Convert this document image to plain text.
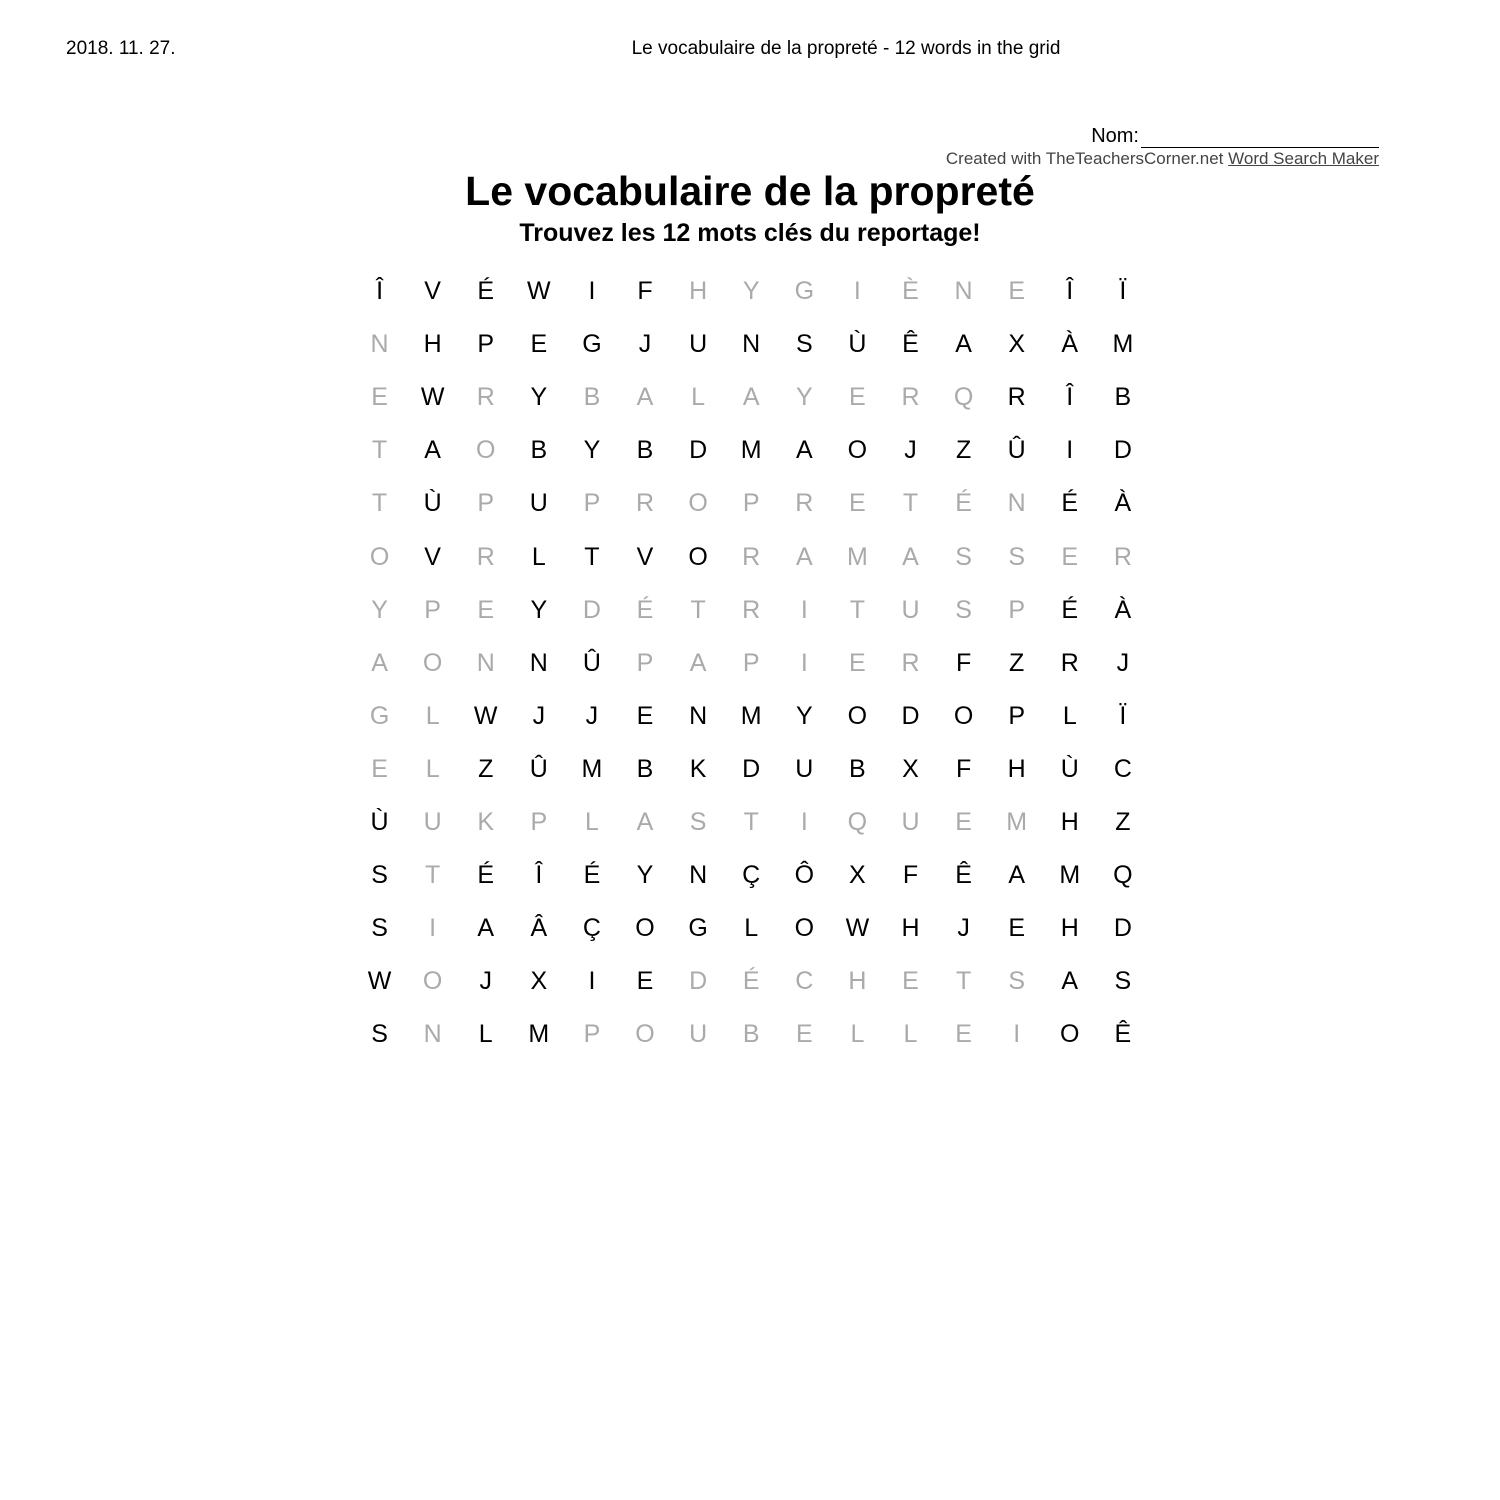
2018. 11. 27.	Le vocabulaire de la propreté - 12 words in the grid
Nom:
Created with TheTeachersCorner.net Word Search Maker
Le vocabulaire de la propreté
Trouvez les 12 mots clés du reportage!
Î	V	É	W	I	F	H	Y	G	I	È	N	E	Î	Ï
N	H	P	E	G	J	U	N	S	Ù	Ê	A	X	À	M
E	W	R	Y	B	A	L	A	Y	E	R	Q	R	Î	B
T	A	O	B	Y	B	D	M	A	O	J	Z	Û	I	D
T	Ù	P	U	P	R	O	P	R	E	T	É	N	É	À
O	V	R	L	T	V	O	R	A	M	A	S	S	E	R
Y	P	E	Y	D	É	T	R	I	T	U	S	P	É	À
A	O	N	N	Û	P	A	P	I	E	R	F	Z	R	J
G	L	W	J	J	E	N	M	Y	O	D	O	P	L	Ï
E	L	Z	Û	M	B	K	D	U	B	X	F	H	Ù	C
Ù	U	K	P	L	A	S	T	I	Q	U	E	M	H	Z
S	T	É	Î	É	Y	N	Ç	Ô	X	F	Ê	A	M	Q
S	I	A	Â	Ç	O	G	L	O	W	H	J	E	H	D
W	O	J	X	I	E	D	É	C	H	E	T	S	A	S
S	N	L	M	P	O	U	B	E	L	L	E	I	O	Ê
